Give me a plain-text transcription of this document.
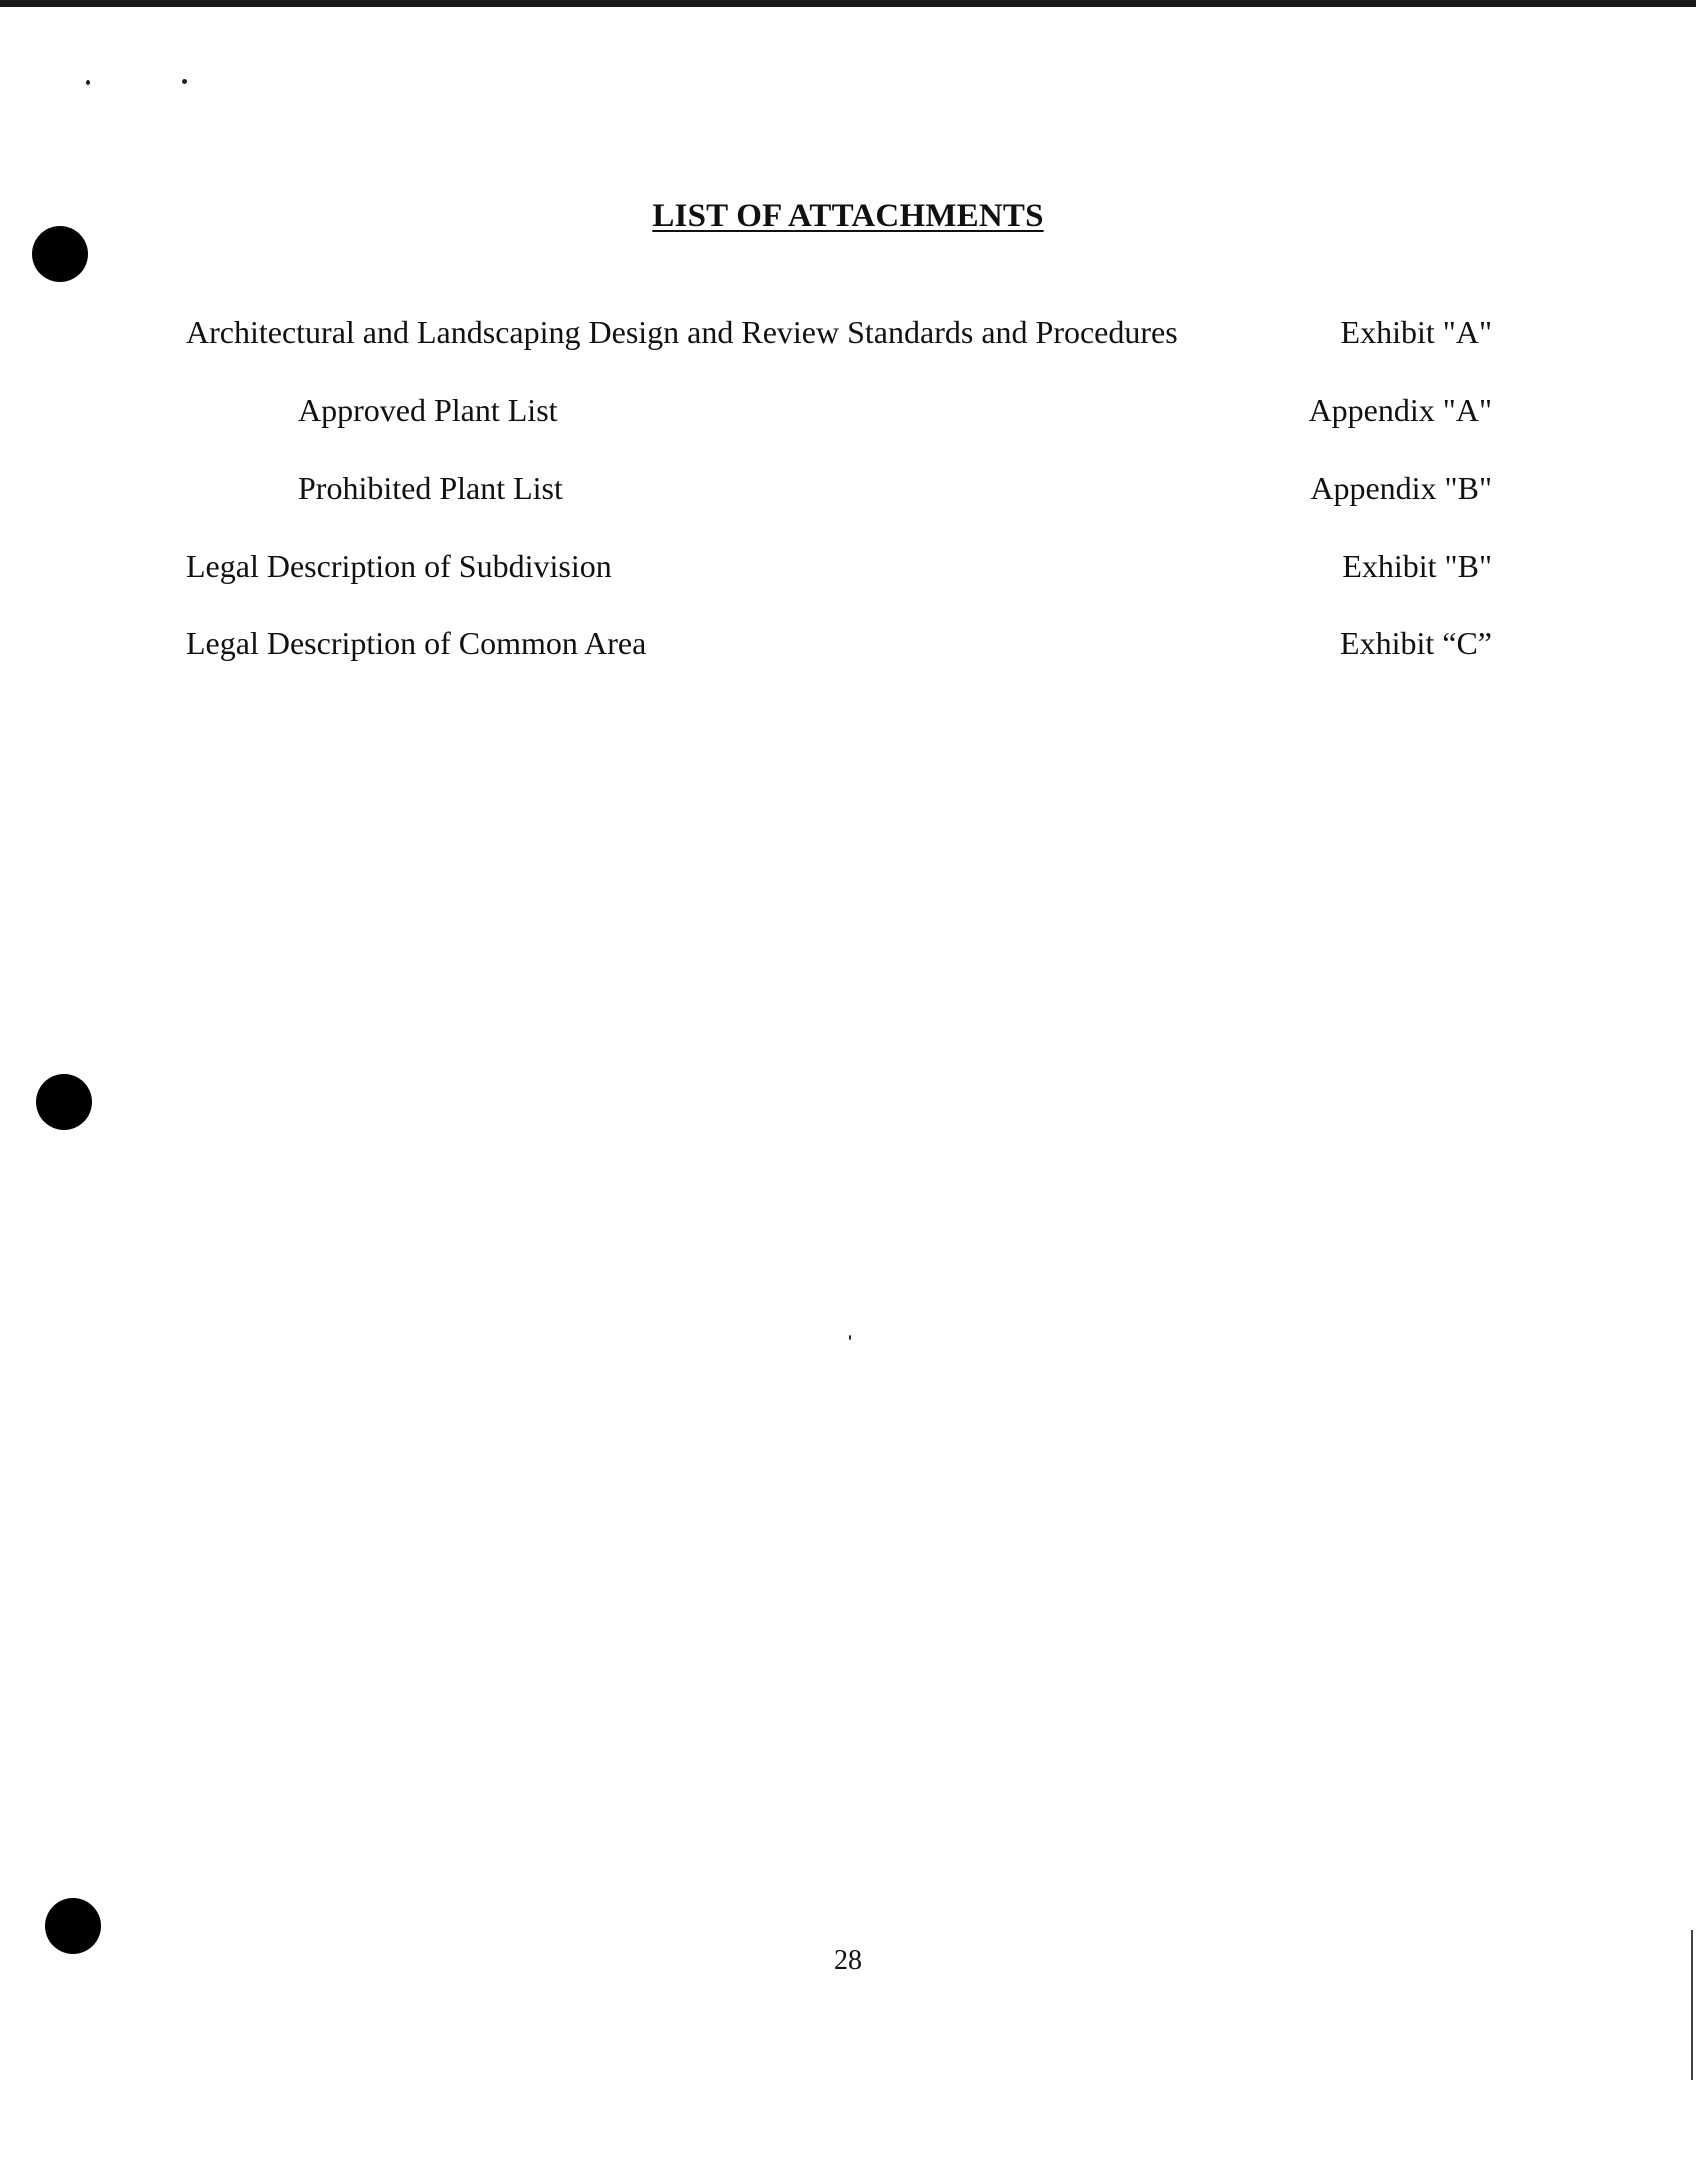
LIST OF ATTACHMENTS
Architectural and Landscaping Design and Review Standards and Procedures	Exhibit "A"
Approved Plant List	Appendix "A"
Prohibited Plant List	Appendix "B"
Legal Description of Subdivision	Exhibit "B"
Legal Description of Common Area	Exhibit “C”
28
